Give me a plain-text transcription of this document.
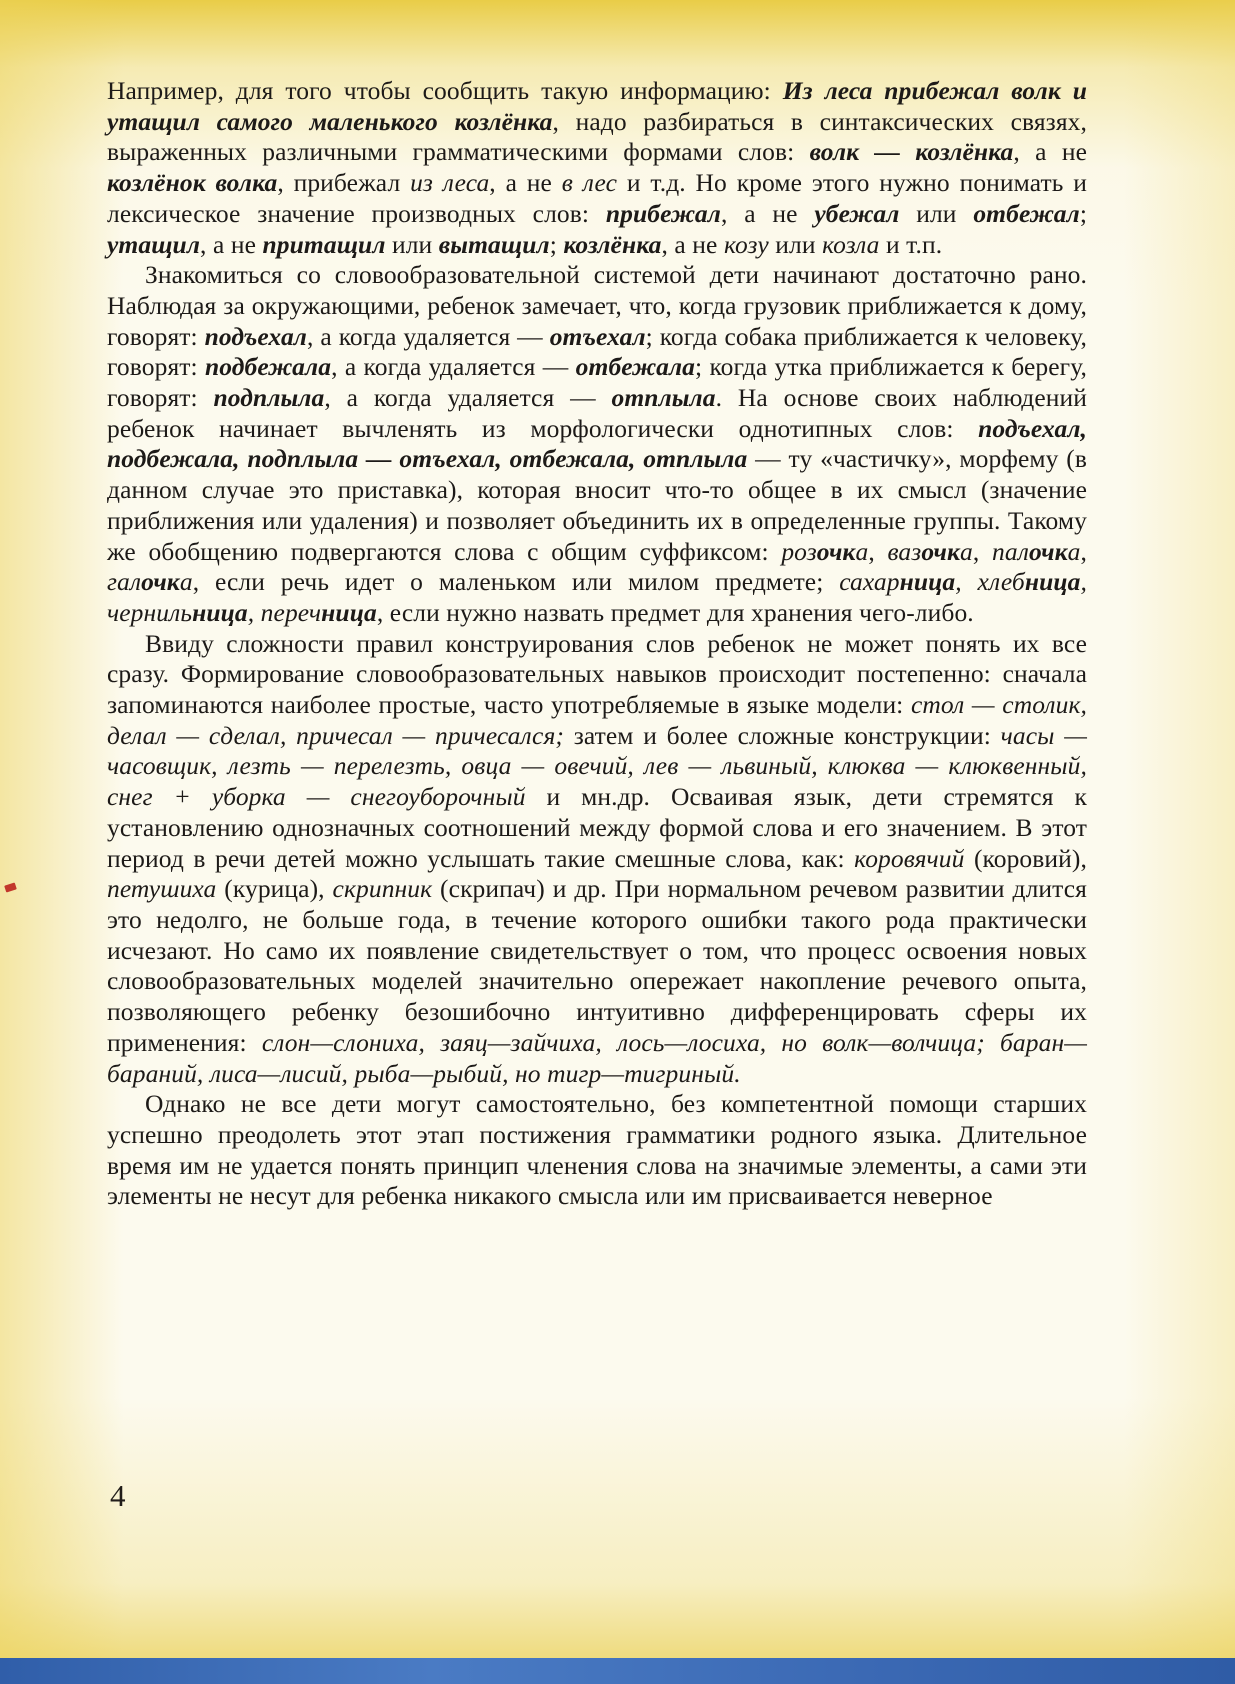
Например, для того чтобы сообщить такую информацию: Из леса прибежал волк и утащил самого маленького козлёнка, надо разбираться в синтаксических связях, выраженных различными грамматическими формами слов: волк — козлёнка, а не козлёнок волка, прибежал из леса, а не в лес и т.д. Но кроме этого нужно понимать и лексическое значение производных слов: прибежал, а не убежал или отбежал; утащил, а не притащил или вытащил; козлёнка, а не козу или козла и т.п.

Знакомиться со словообразовательной системой дети начинают достаточно рано. Наблюдая за окружающими, ребенок замечает, что, когда грузовик приближается к дому, говорят: подъехал, а когда удаляется — отъехал; когда собака приближается к человеку, говорят: подбежала, а когда удаляется — отбежала; когда утка приближается к берегу, говорят: подплыла, а когда удаляется — отплыла. На основе своих наблюдений ребенок начинает вычленять из морфологически однотипных слов: подъехал, подбежала, подплыла — отъехал, отбежала, отплыла — ту «частичку», морфему (в данном случае это приставка), которая вносит что-то общее в их смысл (значение приближения или удаления) и позволяет объединить их в определенные группы. Такому же обобщению подвергаются слова с общим суффиксом: розочка, вазочка, палочка, галочка, если речь идет о маленьком или милом предмете; сахарница, хлебница, чернильница, перечница, если нужно назвать предмет для хранения чего-либо.

Ввиду сложности правил конструирования слов ребенок не может понять их все сразу. Формирование словообразовательных навыков происходит постепенно: сначала запоминаются наиболее простые, часто употребляемые в языке модели: стол — столик, делал — сделал, причесал — причесался; затем и более сложные конструкции: часы — часовщик, лезть — перелезть, овца — овечий, лев — львиный, клюква — клюквенный, снег + уборка — снегоуборочный и мн.др. Осваивая язык, дети стремятся к установлению однозначных соотношений между формой слова и его значением. В этот период в речи детей можно услышать такие смешные слова, как: коровячий (коровий), петушиха (курица), скрипник (скрипач) и др. При нормальном речевом развитии длится это недолго, не больше года, в течение которого ошибки такого рода практически исчезают. Но само их появление свидетельствует о том, что процесс освоения новых словообразовательных моделей значительно опережает накопление речевого опыта, позволяющего ребенку безошибочно интуитивно дифференцировать сферы их применения: слон—слониха, заяц—зайчиха, лось—лосиха, но волк—волчица; баран—бараний, лиса—лисий, рыба—рыбий, но тигр—тигриный.

Однако не все дети могут самостоятельно, без компетентной помощи старших успешно преодолеть этот этап постижения грамматики родного языка. Длительное время им не удается понять принцип членения слова на значимые элементы, а сами эти элементы не несут для ребенка никакого смысла или им присваивается неверное

4
